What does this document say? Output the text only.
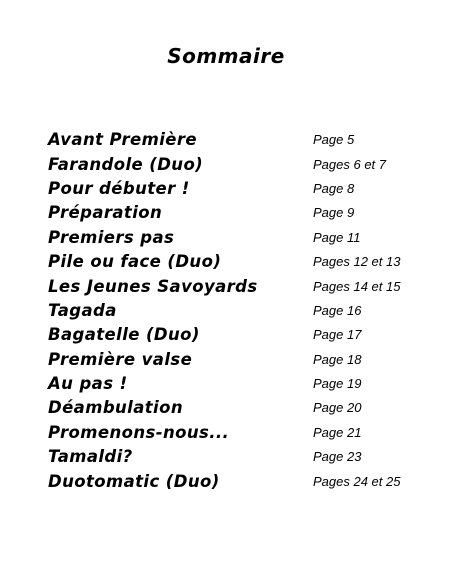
Sommaire
Avant Première	Page 5
Farandole (Duo)	Pages 6 et 7
Pour débuter !	Page 8
Préparation	Page 9
Premiers pas	Page 11
Pile ou face (Duo)	Pages 12 et 13
Les Jeunes Savoyards	Pages 14 et 15
Tagada	Page 16
Bagatelle (Duo)	Page 17
Première valse	Page 18
Au pas !	Page 19
Déambulation	Page 20
Promenons-nous...	Page 21
Tamaldi?	Page 23
Duotomatic (Duo)	Pages 24 et 25
